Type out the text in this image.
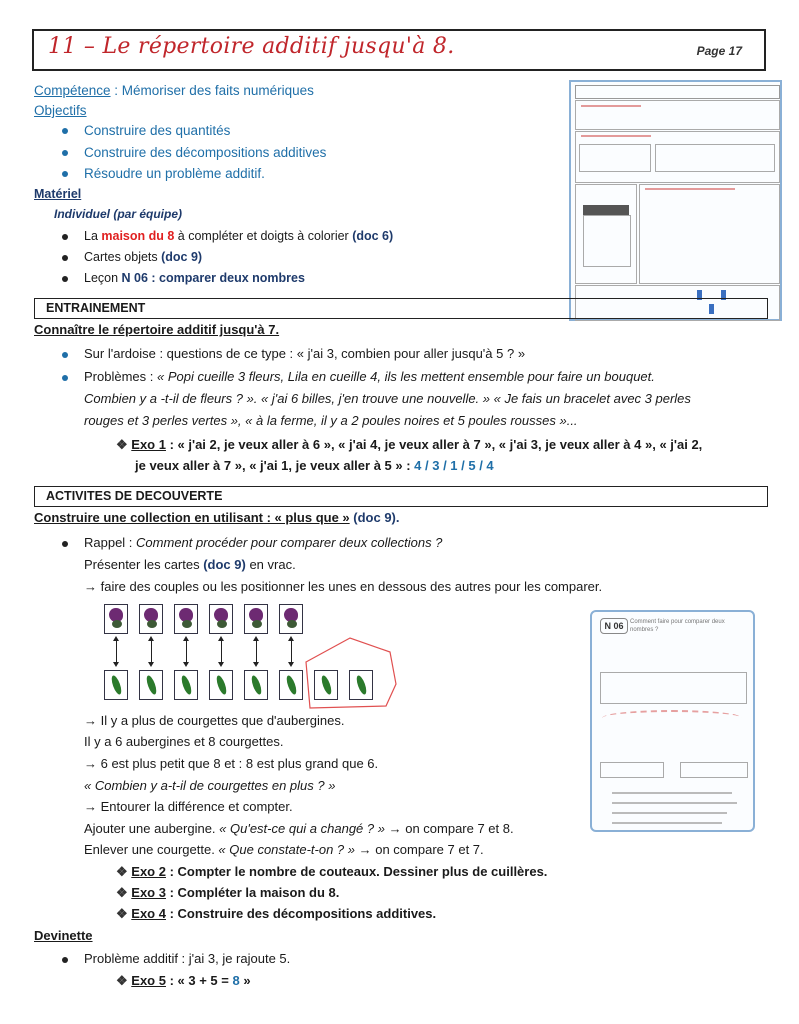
11 – Le répertoire additif jusqu'à 8.	Page 17
Compétence : Mémoriser des faits numériques
Objectifs
Construire des quantités
Construire des décompositions additives
Résoudre un problème additif.
Matériel
Individuel (par équipe)
La maison du 8 à compléter et doigts à colorier (doc 6)
Cartes objets (doc 9)
Leçon N 06 : comparer deux nombres
ENTRAINEMENT
Connaître le répertoire additif jusqu'à 7.
Sur l'ardoise : questions de ce type : « j'ai 3, combien pour aller jusqu'à 5 ? »
Problèmes : « Popi cueille 3 fleurs, Lila en cueille 4, ils les mettent ensemble pour faire un bouquet.
Combien y a -t-il de fleurs ? ». « j'ai 6 billes, j'en trouve une nouvelle. » « Je fais un bracelet avec 3 perles
rouges et 3 perles vertes », « à la ferme, il y a 2 poules noires et 5 poules rousses »...
❖ Exo 1 : « j'ai 2, je veux aller à 6 », « j'ai 4, je veux aller à 7 », « j'ai 3, je veux aller à 4 », « j'ai 2,
je veux aller à 7 », « j'ai 1, je veux aller à 5 » : 4 / 3 / 1 / 5 / 4
ACTIVITES DE DECOUVERTE
Construire une collection en utilisant : « plus que » (doc 9).
Rappel : Comment procéder pour comparer deux collections ?
Présenter les cartes (doc 9) en vrac.
→ faire des couples ou les positionner les unes en dessous des autres pour les comparer.
→ Il y a plus de courgettes que d'aubergines.
Il y a 6 aubergines et 8 courgettes.
→ 6 est plus petit que 8 et : 8 est plus grand que 6.
« Combien y a-t-il de courgettes en plus ? »
→ Entourer la différence et compter.
Ajouter une aubergine. « Qu'est-ce qui a changé ? » → on compare 7 et 8.
Enlever une courgette. « Que constate-t-on ? » → on compare 7 et 7.
❖ Exo 2 : Compter le nombre de couteaux. Dessiner plus de cuillères.
❖ Exo 3 : Compléter la maison du 8.
❖ Exo 4 : Construire des décompositions additives.
N 06	Comment faire pour comparer deux nombres ?
Devinette
Problème additif : j'ai 3, je rajoute 5.
❖ Exo 5 : « 3 + 5 = 8 »
